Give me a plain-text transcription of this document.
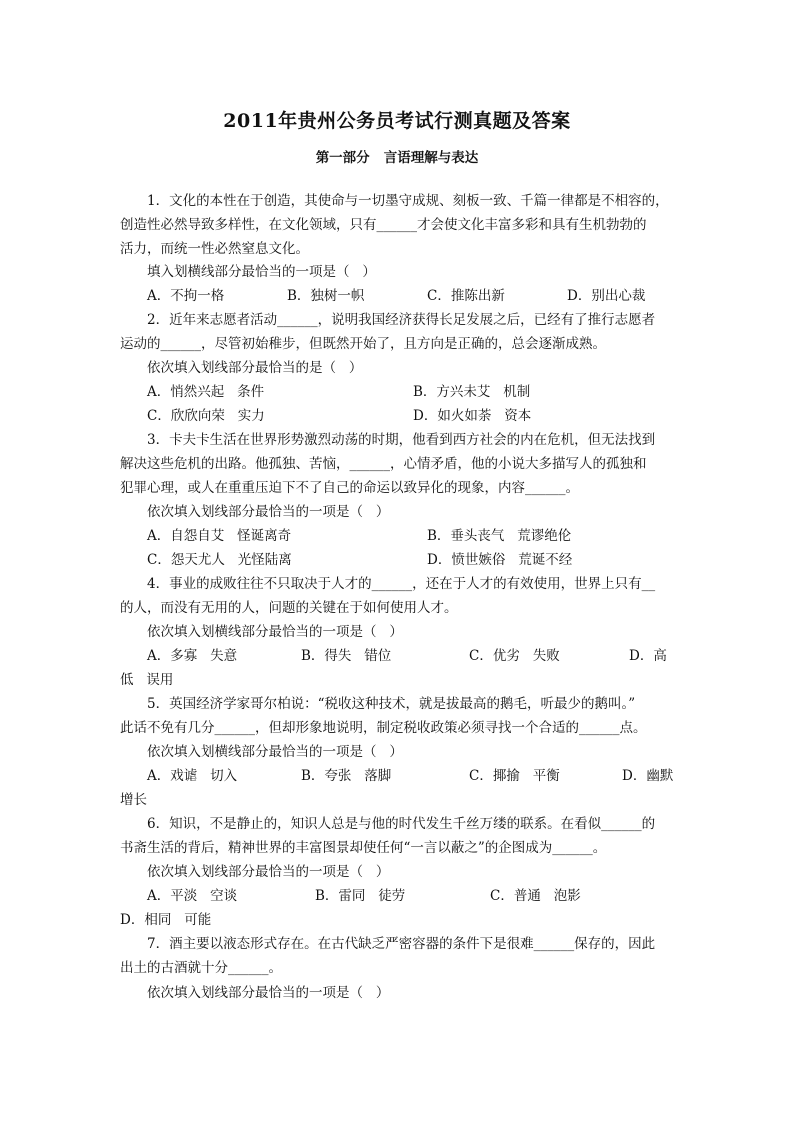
2011年贵州公务员考试行测真题及答案
第一部分   言语理解与表达
1．文化的本性在于创造，其使命与一切墨守成规、刻板一致、千篇一律都是不相容的，
创造性必然导致多样性，在文化领域，只有______才会使文化丰富多彩和具有生机勃勃的
活力，而统一性必然窒息文化。
填入划横线部分最恰当的一项是（   ）
A．不拘一格	B．独树一帜	C．推陈出新	D．别出心裁
2．近年来志愿者活动______，说明我国经济获得长足发展之后，已经有了推行志愿者
运动的______，尽管初始稚步，但既然开始了，且方向是正确的，总会逐渐成熟。
依次填入划线部分最恰当的是（   ）
A．悄然兴起   条件	B．方兴未艾   机制
C．欣欣向荣   实力	D．如火如荼   资本
3．卡夫卡生活在世界形势激烈动荡的时期，他看到西方社会的内在危机，但无法找到
解决这些危机的出路。他孤独、苦恼，______，心情矛盾，他的小说大多描写人的孤独和
犯罪心理，或人在重重压迫下不了自己的命运以致异化的现象，内容______。
依次填入划线部分最恰当的一项是（   ）
A．自怨自艾   怪诞离奇	B．垂头丧气   荒谬绝伦
C．怨天尤人   光怪陆离	D．愤世嫉俗   荒诞不经
4．事业的成败往往不只取决于人才的______，还在于人才的有效使用，世界上只有__
的人，而没有无用的人，问题的关键在于如何使用人才。
依次填入划横线部分最恰当的一项是（   ）
A．多寡   失意	B．得失   错位	C．优劣   失败	D．高
低   误用
5．英国经济学家哥尔柏说：“税收这种技术，就是拔最高的鹅毛，听最少的鹅叫。”
此话不免有几分______，但却形象地说明，制定税收政策必须寻找一个合适的______点。
依次填入划横线部分最恰当的一项是（   ）
A．戏谑   切入	B．夸张   落脚	C．揶揄   平衡	D．幽默
增长
6．知识，不是静止的，知识人总是与他的时代发生千丝万缕的联系。在看似______的
书斋生活的背后，精神世界的丰富图景却使任何“一言以蔽之”的企图成为______。
依次填入划线部分最恰当的一项是（   ）
A．平淡   空谈	B．雷同   徒劳	C．普通   泡影
D．相同   可能
7．酒主要以液态形式存在。在古代缺乏严密容器的条件下是很难______保存的，因此
出土的古酒就十分______。
依次填入划线部分最恰当的一项是（   ）
